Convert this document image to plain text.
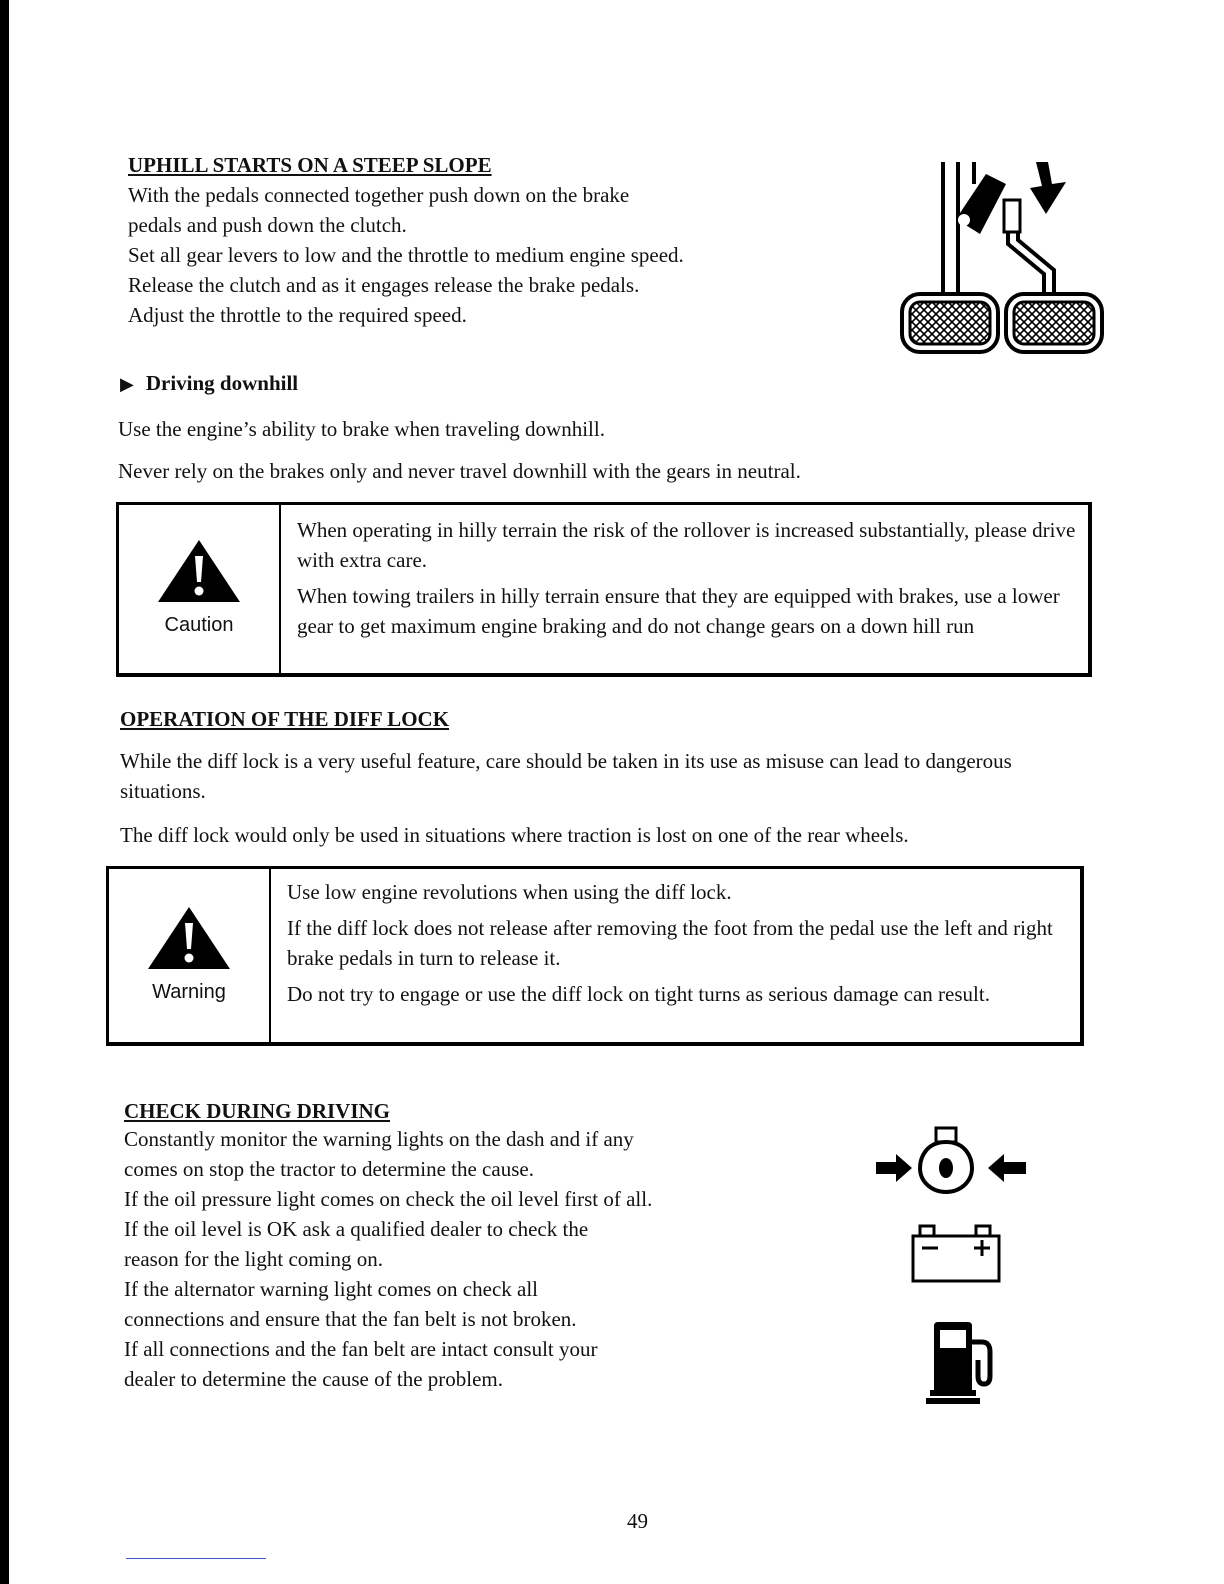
UPHILL STARTS ON A STEEP SLOPE

With the pedals connected together push down on the brake

pedals and push down the clutch.

Set all gear levers to low and the throttle to medium engine speed.

Release the clutch and as it engages release the brake pedals.

Adjust the throttle to the required speed.

▶ Driving downhill
Use the engine’s ability to brake when traveling downhill.
Never rely on the brakes only and never travel downhill with the gears in neutral.
Caution

When operating in hilly terrain the risk of the rollover is increased substantially, please drive with extra care.

When towing trailers in hilly terrain ensure that they are equipped with brakes, use a lower gear to get maximum engine braking and do not change gears on a down hill run

OPERATION OF THE DIFF LOCK
While the diff lock is a very useful feature, care should be taken in its use as misuse can lead to dangerous situations.
The diff lock would only be used in situations where traction is lost on one of the rear wheels.
Warning

Use low engine revolutions when using the diff lock.

If the diff lock does not release after removing the foot from the pedal use the left and right brake pedals in turn to release it.

Do not try to engage or use the diff lock on tight turns as serious damage can result.

CHECK DURING DRIVING

Constantly monitor the warning lights on the dash and if any

comes on stop the tractor to determine the cause.

If the oil pressure light comes on check the oil level first of all.

If the oil level is OK ask a qualified dealer to check the

reason for the light coming on.

If the alternator warning light comes on check all

connections and ensure that the fan belt is not broken.

If all connections and the fan belt are intact consult your

dealer to determine the cause of the problem.

49
